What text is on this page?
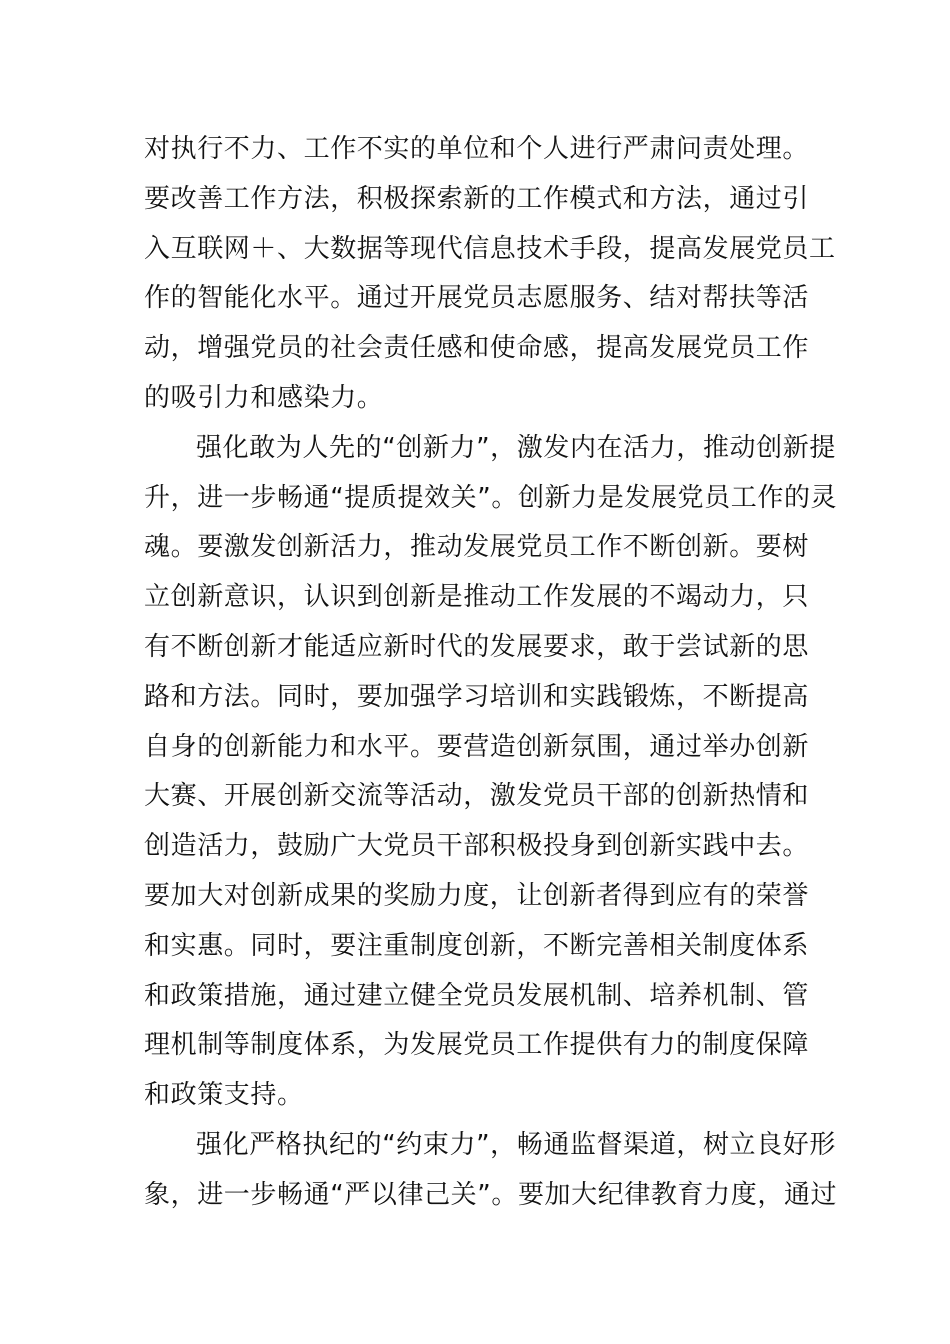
对执行不力、工作不实的单位和个人进行严肃问责处理。
要改善工作方法，积极探索新的工作模式和方法，通过引
入互联网＋、大数据等现代信息技术手段，提高发展党员工
作的智能化水平。通过开展党员志愿服务、结对帮扶等活
动，增强党员的社会责任感和使命感，提高发展党员工作
的吸引力和感染力。
强化敢为人先的“创新力”，激发内在活力，推动创新提
升，进一步畅通“提质提效关”。创新力是发展党员工作的灵
魂。要激发创新活力，推动发展党员工作不断创新。要树
立创新意识，认识到创新是推动工作发展的不竭动力，只
有不断创新才能适应新时代的发展要求，敢于尝试新的思
路和方法。同时，要加强学习培训和实践锻炼，不断提高
自身的创新能力和水平。要营造创新氛围，通过举办创新
大赛、开展创新交流等活动，激发党员干部的创新热情和
创造活力，鼓励广大党员干部积极投身到创新实践中去。
要加大对创新成果的奖励力度，让创新者得到应有的荣誉
和实惠。同时，要注重制度创新，不断完善相关制度体系
和政策措施，通过建立健全党员发展机制、培养机制、管
理机制等制度体系，为发展党员工作提供有力的制度保障
和政策支持。
强化严格执纪的“约束力”，畅通监督渠道，树立良好形
象，进一步畅通“严以律己关”。要加大纪律教育力度，通过
